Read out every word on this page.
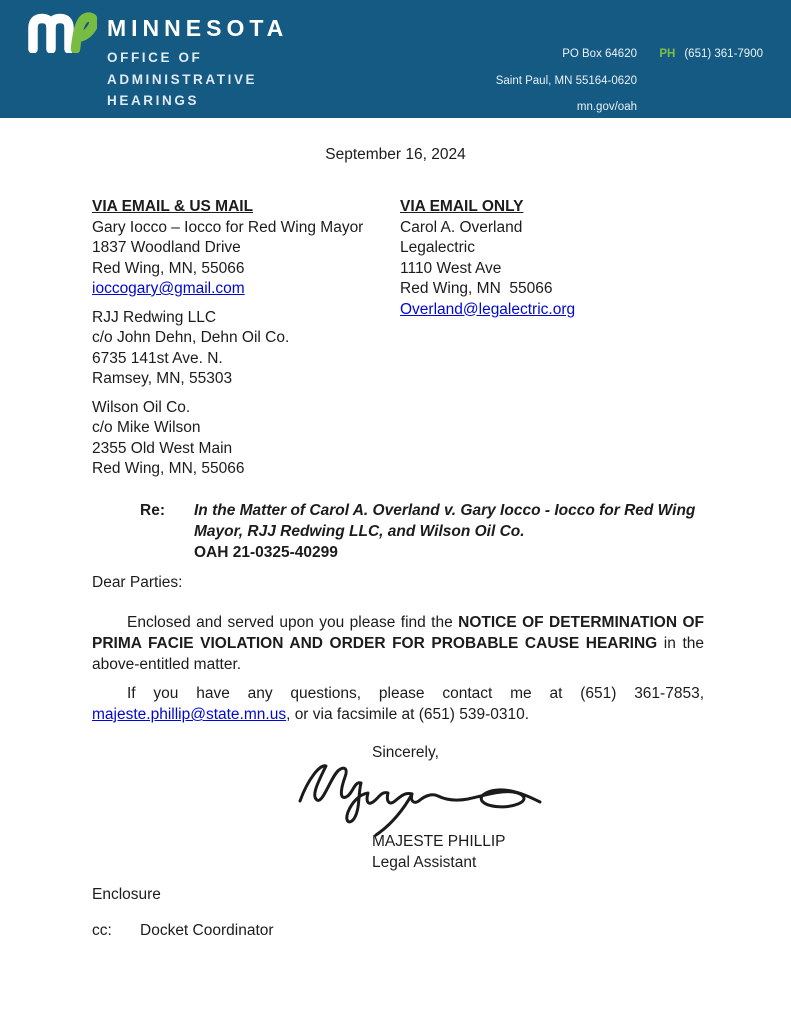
MINNESOTA
OFFICE OF
ADMINISTRATIVE
HEARINGS
PO Box 64620	PH (651) 361-7900
Saint Paul, MN 55164-0620
mn.gov/oah
September 16, 2024
VIA EMAIL & US MAIL
Gary Iocco – Iocco for Red Wing Mayor
1837 Woodland Drive
Red Wing, MN, 55066
ioccogary@gmail.com
RJJ Redwing LLC
c/o John Dehn, Dehn Oil Co.
6735 141st Ave. N.
Ramsey, MN, 55303
Wilson Oil Co.
c/o Mike Wilson
2355 Old West Main
Red Wing, MN, 55066
VIA EMAIL ONLY
Carol A. Overland
Legalectric
1110 West Ave
Red Wing, MN  55066
Overland@legalectric.org
Re:	In the Matter of Carol A. Overland v. Gary Iocco - Iocco for Red Wing Mayor, RJJ Redwing LLC, and Wilson Oil Co.
OAH 21-0325-40299
Dear Parties:
Enclosed and served upon you please find the NOTICE OF DETERMINATION OF PRIMA FACIE VIOLATION AND ORDER FOR PROBABLE CAUSE HEARING in the above-entitled matter.
If you have any questions, please contact me at (651) 361-7853, majeste.phillip@state.mn.us, or via facsimile at (651) 539-0310.
Sincerely,
MAJESTE PHILLIP
Legal Assistant
Enclosure
cc: Docket Coordinator
